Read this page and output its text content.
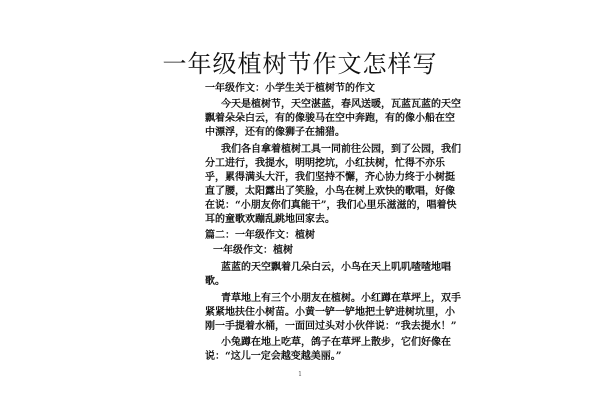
一年级植树节作文怎样写

一年级作文：小学生关于植树节的作文

今天是植树节，天空湛蓝，春风送暖，瓦蓝瓦蓝的天空

飘着朵朵白云，有的像骏马在空中奔跑，有的像小船在空

中漂浮，还有的像狮子在捕猎。

我们各自拿着植树工具一同前往公园，到了公园，我们

分工进行，我提水，明明挖坑，小红扶树，忙得不亦乐

乎，累得满头大汗，我们坚持不懈，齐心协力终于小树挺

直了腰，太阳露出了笑脸，小鸟在树上欢快的歌唱，好像

在说：“小朋友你们真能干”，我们心里乐滋滋的，唱着快

耳的童歌欢蹦乱跳地回家去。

篇二：一年级作文：植树

一年级作文：植树

蓝蓝的天空飘着几朵白云，小鸟在天上叽叽喳喳地唱

歌。

青草地上有三个小朋友在植树。小红蹲在草坪上，双手

紧紧地扶住小树苗。小黄一铲一铲地把土铲进树坑里，小

刚一手提着水桶，一面回过头对小伙伴说：“我去提水！”

小兔蹲在地上吃草，鸽子在草坪上散步，它们好像在

说：“这儿一定会越变越美丽。”

1
